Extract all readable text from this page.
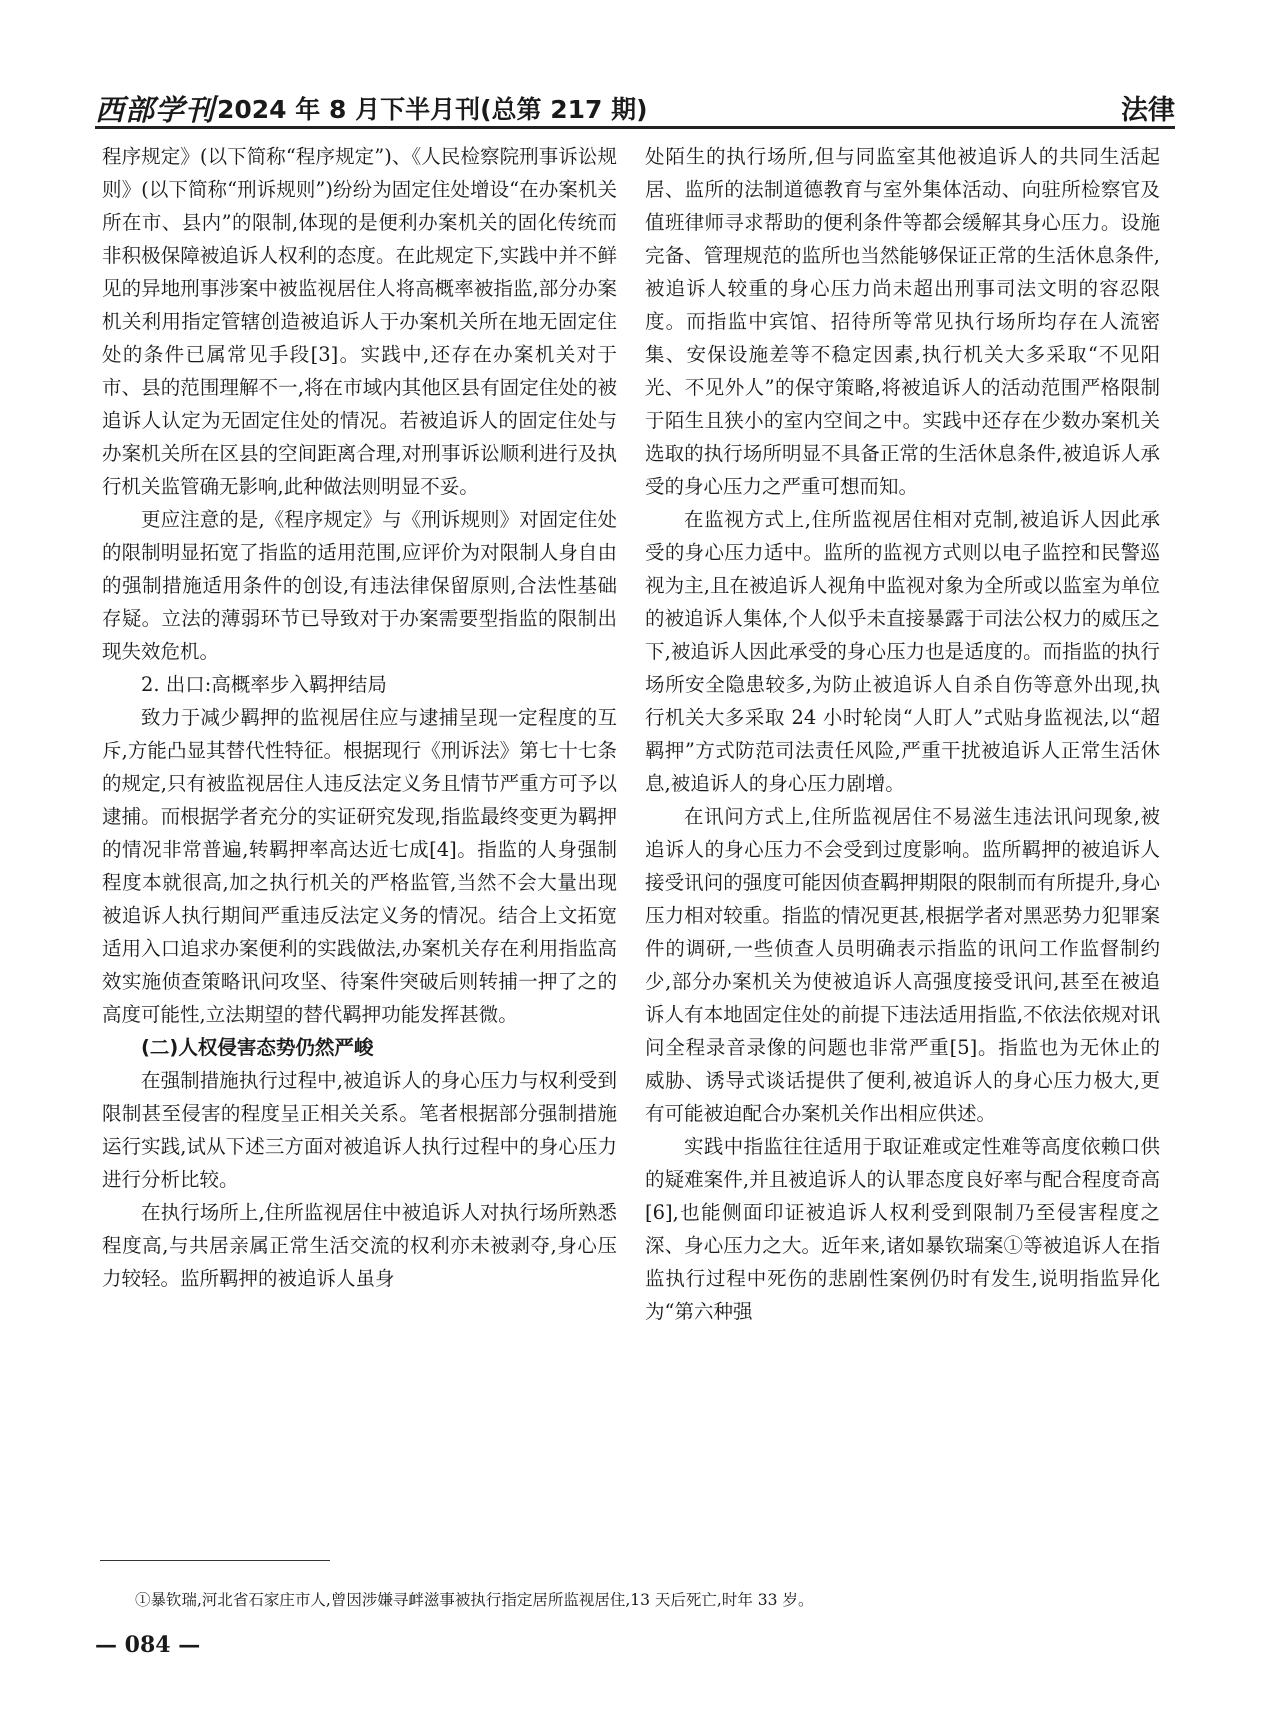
西部学刊 2024 年 8 月下半月刊(总第 217 期)	法律

程序规定》(以下简称“程序规定”)、《人民检察院刑事诉讼规则》(以下简称“刑诉规则”)纷纷为固定住处增设“在办案机关所在市、县内”的限制,体现的是便利办案机关的固化传统而非积极保障被追诉人权利的态度。在此规定下,实践中并不鲜见的异地刑事涉案中被监视居住人将高概率被指监,部分办案机关利用指定管辖创造被追诉人于办案机关所在地无固定住处的条件已属常见手段[3]。实践中,还存在办案机关对于市、县的范围理解不一,将在市域内其他区县有固定住处的被追诉人认定为无固定住处的情况。若被追诉人的固定住处与办案机关所在区县的空间距离合理,对刑事诉讼顺利进行及执行机关监管确无影响,此种做法则明显不妥。

更应注意的是,《程序规定》与《刑诉规则》对固定住处的限制明显拓宽了指监的适用范围,应评价为对限制人身自由的强制措施适用条件的创设,有违法律保留原则,合法性基础存疑。立法的薄弱环节已导致对于办案需要型指监的限制出现失效危机。

2. 出口:高概率步入羁押结局

致力于减少羁押的监视居住应与逮捕呈现一定程度的互斥,方能凸显其替代性特征。根据现行《刑诉法》第七十七条的规定,只有被监视居住人违反法定义务且情节严重方可予以逮捕。而根据学者充分的实证研究发现,指监最终变更为羁押的情况非常普遍,转羁押率高达近七成[4]。指监的人身强制程度本就很高,加之执行机关的严格监管,当然不会大量出现被追诉人执行期间严重违反法定义务的情况。结合上文拓宽适用入口追求办案便利的实践做法,办案机关存在利用指监高效实施侦查策略讯问攻坚、待案件突破后则转捕一押了之的高度可能性,立法期望的替代羁押功能发挥甚微。

(二)人权侵害态势仍然严峻

在强制措施执行过程中,被追诉人的身心压力与权利受到限制甚至侵害的程度呈正相关关系。笔者根据部分强制措施运行实践,试从下述三方面对被追诉人执行过程中的身心压力进行分析比较。

在执行场所上,住所监视居住中被追诉人对执行场所熟悉程度高,与共居亲属正常生活交流的权利亦未被剥夺,身心压力较轻。监所羁押的被追诉人虽身

处陌生的执行场所,但与同监室其他被追诉人的共同生活起居、监所的法制道德教育与室外集体活动、向驻所检察官及值班律师寻求帮助的便利条件等都会缓解其身心压力。设施完备、管理规范的监所也当然能够保证正常的生活休息条件,被追诉人较重的身心压力尚未超出刑事司法文明的容忍限度。而指监中宾馆、招待所等常见执行场所均存在人流密集、安保设施差等不稳定因素,执行机关大多采取“不见阳光、不见外人”的保守策略,将被追诉人的活动范围严格限制于陌生且狭小的室内空间之中。实践中还存在少数办案机关选取的执行场所明显不具备正常的生活休息条件,被追诉人承受的身心压力之严重可想而知。

在监视方式上,住所监视居住相对克制,被追诉人因此承受的身心压力适中。监所的监视方式则以电子监控和民警巡视为主,且在被追诉人视角中监视对象为全所或以监室为单位的被追诉人集体,个人似乎未直接暴露于司法公权力的威压之下,被追诉人因此承受的身心压力也是适度的。而指监的执行场所安全隐患较多,为防止被追诉人自杀自伤等意外出现,执行机关大多采取 24 小时轮岗“人盯人”式贴身监视法,以“超羁押”方式防范司法责任风险,严重干扰被追诉人正常生活休息,被追诉人的身心压力剧增。

在讯问方式上,住所监视居住不易滋生违法讯问现象,被追诉人的身心压力不会受到过度影响。监所羁押的被追诉人接受讯问的强度可能因侦查羁押期限的限制而有所提升,身心压力相对较重。指监的情况更甚,根据学者对黑恶势力犯罪案件的调研,一些侦查人员明确表示指监的讯问工作监督制约少,部分办案机关为使被追诉人高强度接受讯问,甚至在被追诉人有本地固定住处的前提下违法适用指监,不依法依规对讯问全程录音录像的问题也非常严重[5]。指监也为无休止的威胁、诱导式谈话提供了便利,被追诉人的身心压力极大,更有可能被迫配合办案机关作出相应供述。

实践中指监往往适用于取证难或定性难等高度依赖口供的疑难案件,并且被追诉人的认罪态度良好率与配合程度奇高[6],也能侧面印证被追诉人权利受到限制乃至侵害程度之深、身心压力之大。近年来,诸如暴钦瑞案①等被追诉人在指监执行过程中死伤的悲剧性案例仍时有发生,说明指监异化为“第六种强

①暴钦瑞,河北省石家庄市人,曾因涉嫌寻衅滋事被执行指定居所监视居住,13 天后死亡,时年 33 岁。
— 084 —
